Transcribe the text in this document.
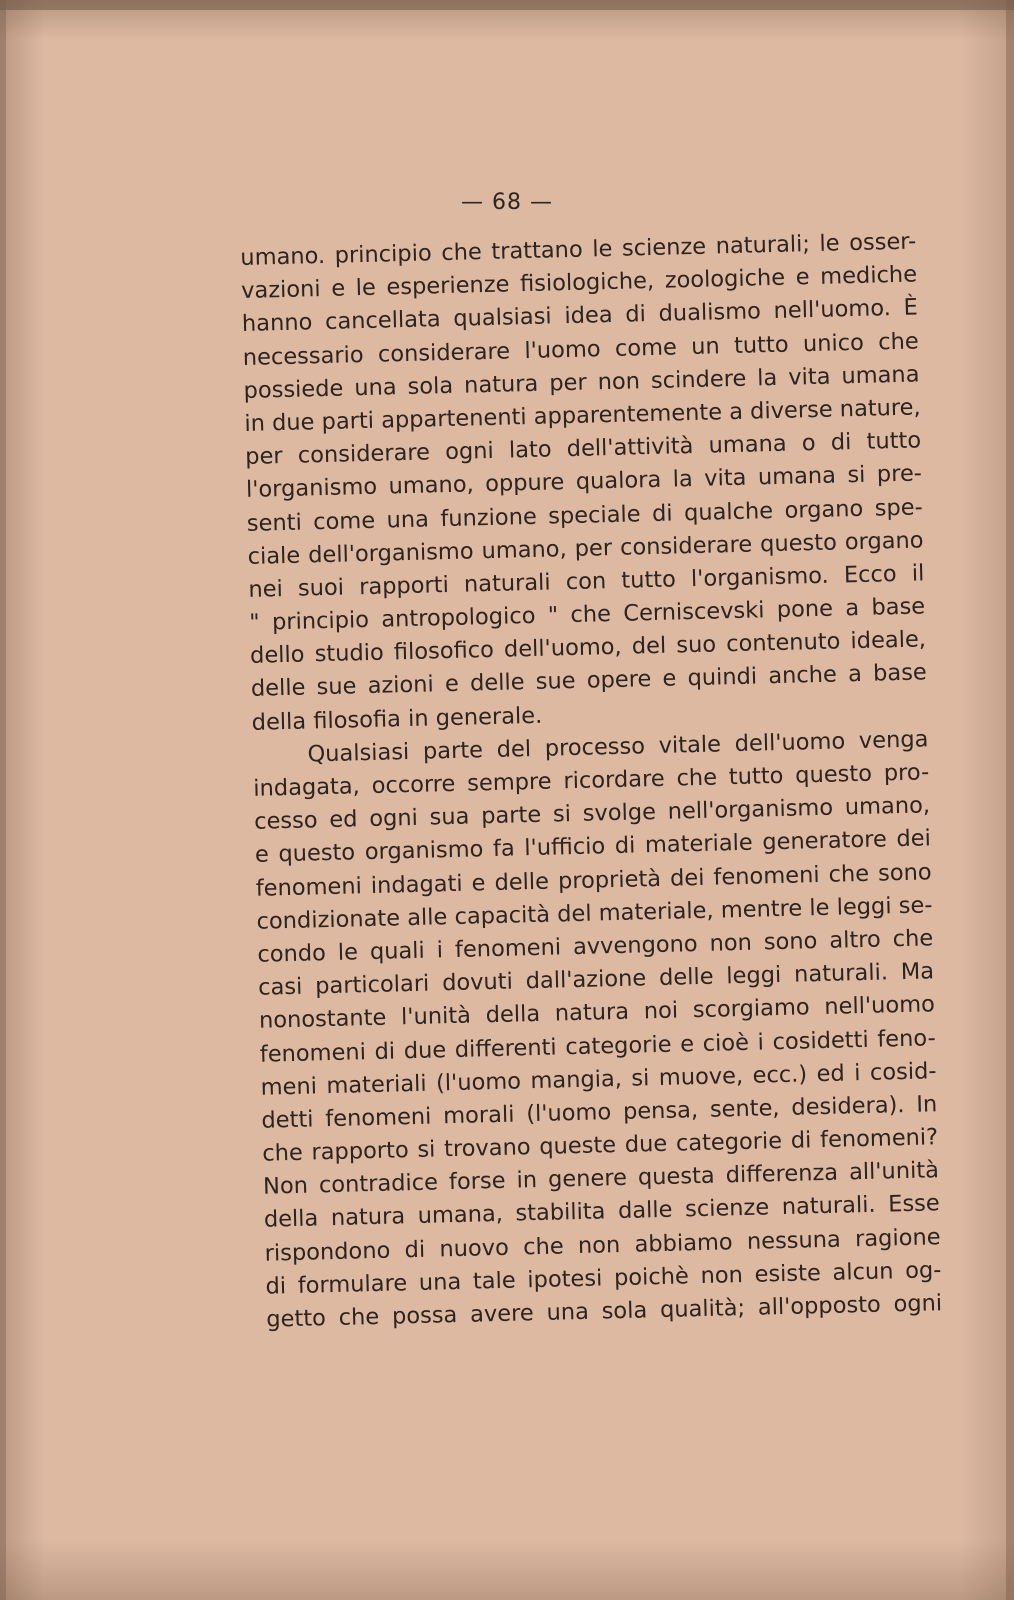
— 68 —
umano. principio che trattano le scienze naturali; le osser-
vazioni e le esperienze fisiologiche, zoologiche e mediche
hanno cancellata qualsiasi idea di dualismo nell'uomo. È
necessario considerare l'uomo come un tutto unico che
possiede una sola natura per non scindere la vita umana
in due parti appartenenti apparentemente a diverse nature,
per considerare ogni lato dell'attività umana o di tutto
l'organismo umano, oppure qualora la vita umana si pre-
senti come una funzione speciale di qualche organo spe-
ciale dell'organismo umano, per considerare questo organo
nei suoi rapporti naturali con tutto l'organismo. Ecco il
" principio antropologico " che Cerniscevski pone a base
dello studio filosofico dell'uomo, del suo contenuto ideale,
delle sue azioni e delle sue opere e quindi anche a base
della filosofia in generale.
Qualsiasi parte del processo vitale dell'uomo venga
indagata, occorre sempre ricordare che tutto questo pro-
cesso ed ogni sua parte si svolge nell'organismo umano,
e questo organismo fa l'ufficio di materiale generatore dei
fenomeni indagati e delle proprietà dei fenomeni che sono
condizionate alle capacità del materiale, mentre le leggi se-
condo le quali i fenomeni avvengono non sono altro che
casi particolari dovuti dall'azione delle leggi naturali. Ma
nonostante l'unità della natura noi scorgiamo nell'uomo
fenomeni di due differenti categorie e cioè i cosidetti feno-
meni materiali (l'uomo mangia, si muove, ecc.) ed i cosid-
detti fenomeni morali (l'uomo pensa, sente, desidera). In
che rapporto si trovano queste due categorie di fenomeni?
Non contradice forse in genere questa differenza all'unità
della natura umana, stabilita dalle scienze naturali. Esse
rispondono di nuovo che non abbiamo nessuna ragione
di formulare una tale ipotesi poichè non esiste alcun og-
getto che possa avere una sola qualità; all'opposto ogni
